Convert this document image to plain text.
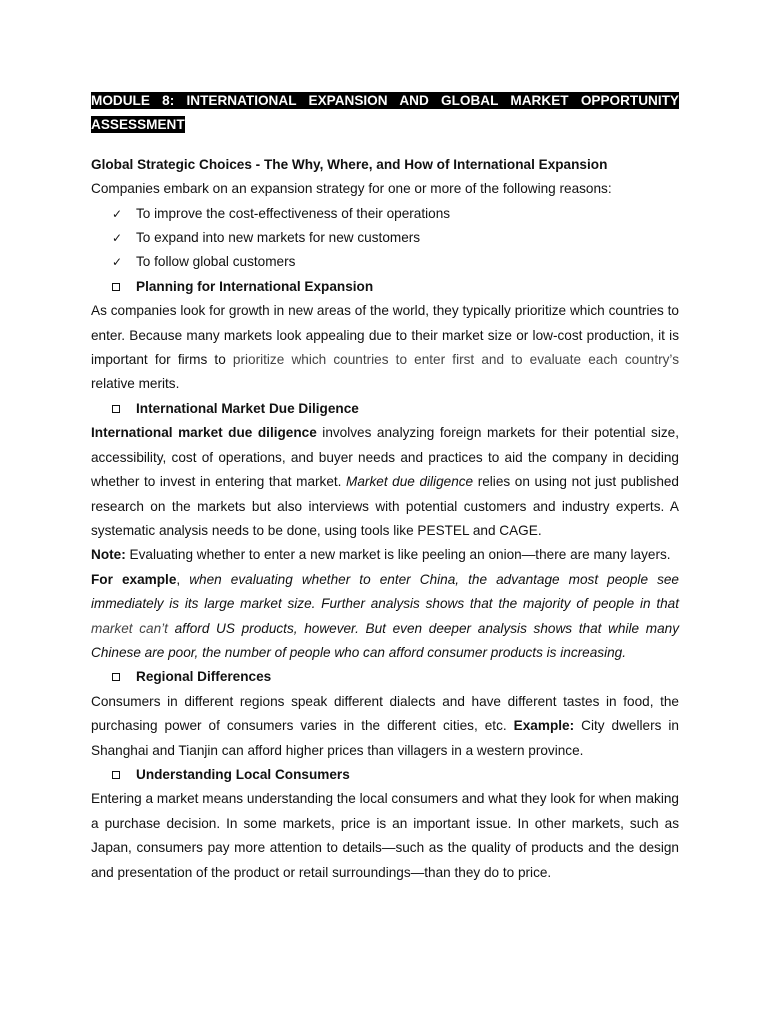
MODULE 8: INTERNATIONAL EXPANSION AND GLOBAL MARKET OPPORTUNITY ASSESSMENT

Global Strategic Choices - The Why, Where, and How of International Expansion

Companies embark on an expansion strategy for one or more of the following reasons:

✓ To improve the cost-effectiveness of their operations
✓ To expand into new markets for new customers
✓ To follow global customers
Planning for International Expansion

As companies look for growth in new areas of the world, they typically prioritize which countries to enter. Because many markets look appealing due to their market size or low-cost production, it is important for firms to prioritize which countries to enter first and to evaluate each country’s relative merits.

International Market Due Diligence

International market due diligence involves analyzing foreign markets for their potential size, accessibility, cost of operations, and buyer needs and practices to aid the company in deciding whether to invest in entering that market. Market due diligence relies on using not just published research on the markets but also interviews with potential customers and industry experts. A systematic analysis needs to be done, using tools like PESTEL and CAGE.

Note: Evaluating whether to enter a new market is like peeling an onion—there are many layers.

For example, when evaluating whether to enter China, the advantage most people see immediately is its large market size. Further analysis shows that the majority of people in that market can’t afford US products, however. But even deeper analysis shows that while many Chinese are poor, the number of people who can afford consumer products is increasing.

Regional Differences

Consumers in different regions speak different dialects and have different tastes in food, the purchasing power of consumers varies in the different cities, etc. Example: City dwellers in Shanghai and Tianjin can afford higher prices than villagers in a western province.

Understanding Local Consumers

Entering a market means understanding the local consumers and what they look for when making a purchase decision. In some markets, price is an important issue. In other markets, such as Japan, consumers pay more attention to details—such as the quality of products and the design and presentation of the product or retail surroundings—than they do to price.
